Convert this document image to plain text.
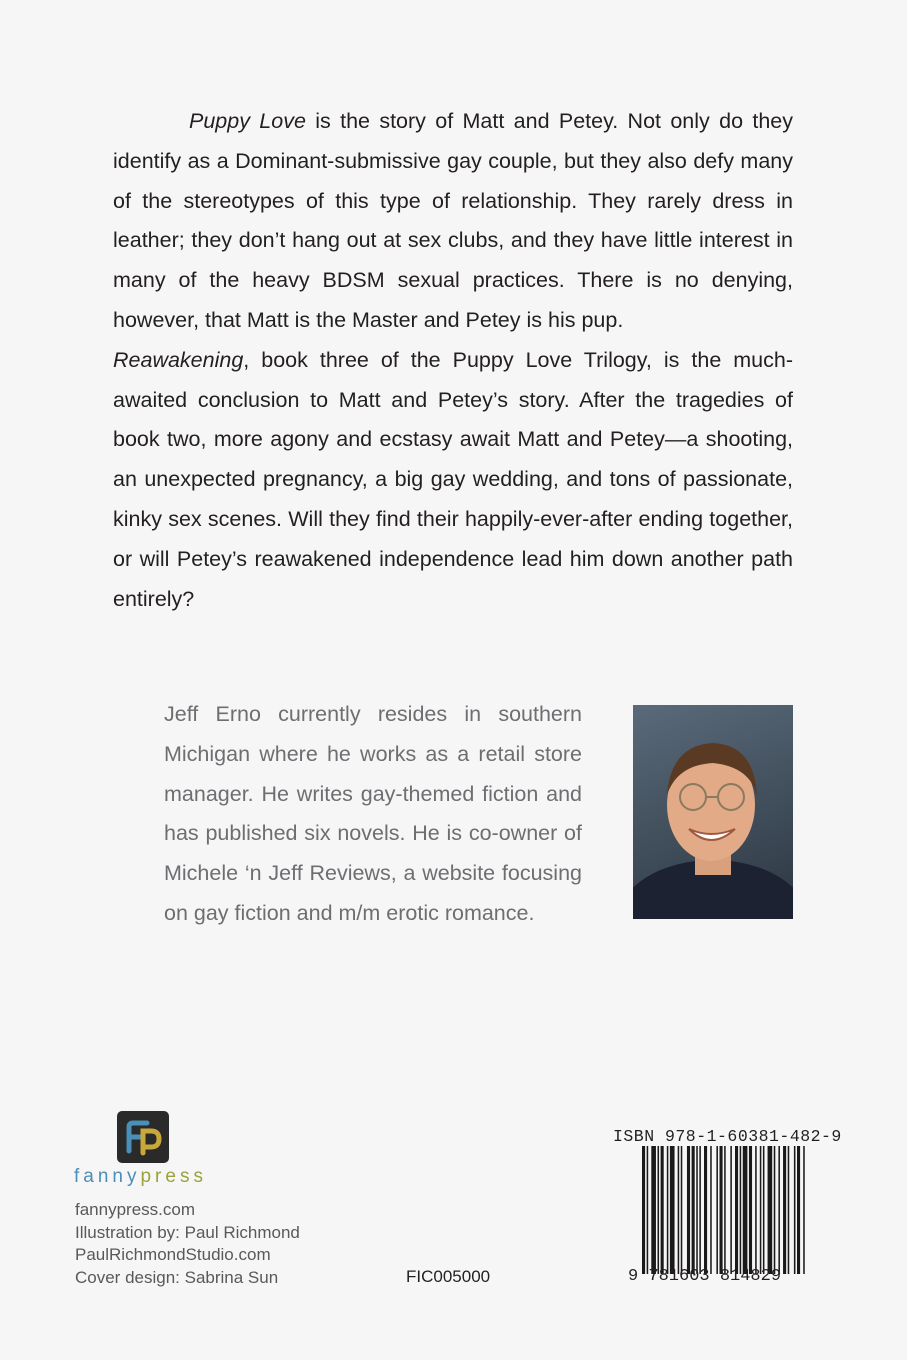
Puppy Love is the story of Matt and Petey. Not only do they identify as a Dominant-submissive gay couple, but they also defy many of the stereotypes of this type of relationship. They rarely dress in leather; they don’t hang out at sex clubs, and they have little interest in many of the heavy BDSM sexual practices. There is no denying, however, that Matt is the Master and Petey is his pup.

Reawakening, book three of the Puppy Love Trilogy, is the much-awaited conclusion to Matt and Petey’s story. After the tragedies of book two, more agony and ecstasy await Matt and Petey—a shooting, an unexpected pregnancy, a big gay wedding, and tons of passionate, kinky sex scenes. Will they find their happily-ever-after ending together, or will Petey’s reawakened independence lead him down another path entirely?

Jeff Erno currently resides in southern Michigan where he works as a retail store manager. He writes gay-themed fiction and has published six novels. He is co-owner of Michele ‘n Jeff Reviews, a website focusing on gay fiction and m/m erotic romance.
fannypress
fannypress.com
Illustration by: Paul Richmond
PaulRichmondStudio.com
Cover design: Sabrina Sun	FIC005000
ISBN 978-1-60381-482-9
9 781603 814829
